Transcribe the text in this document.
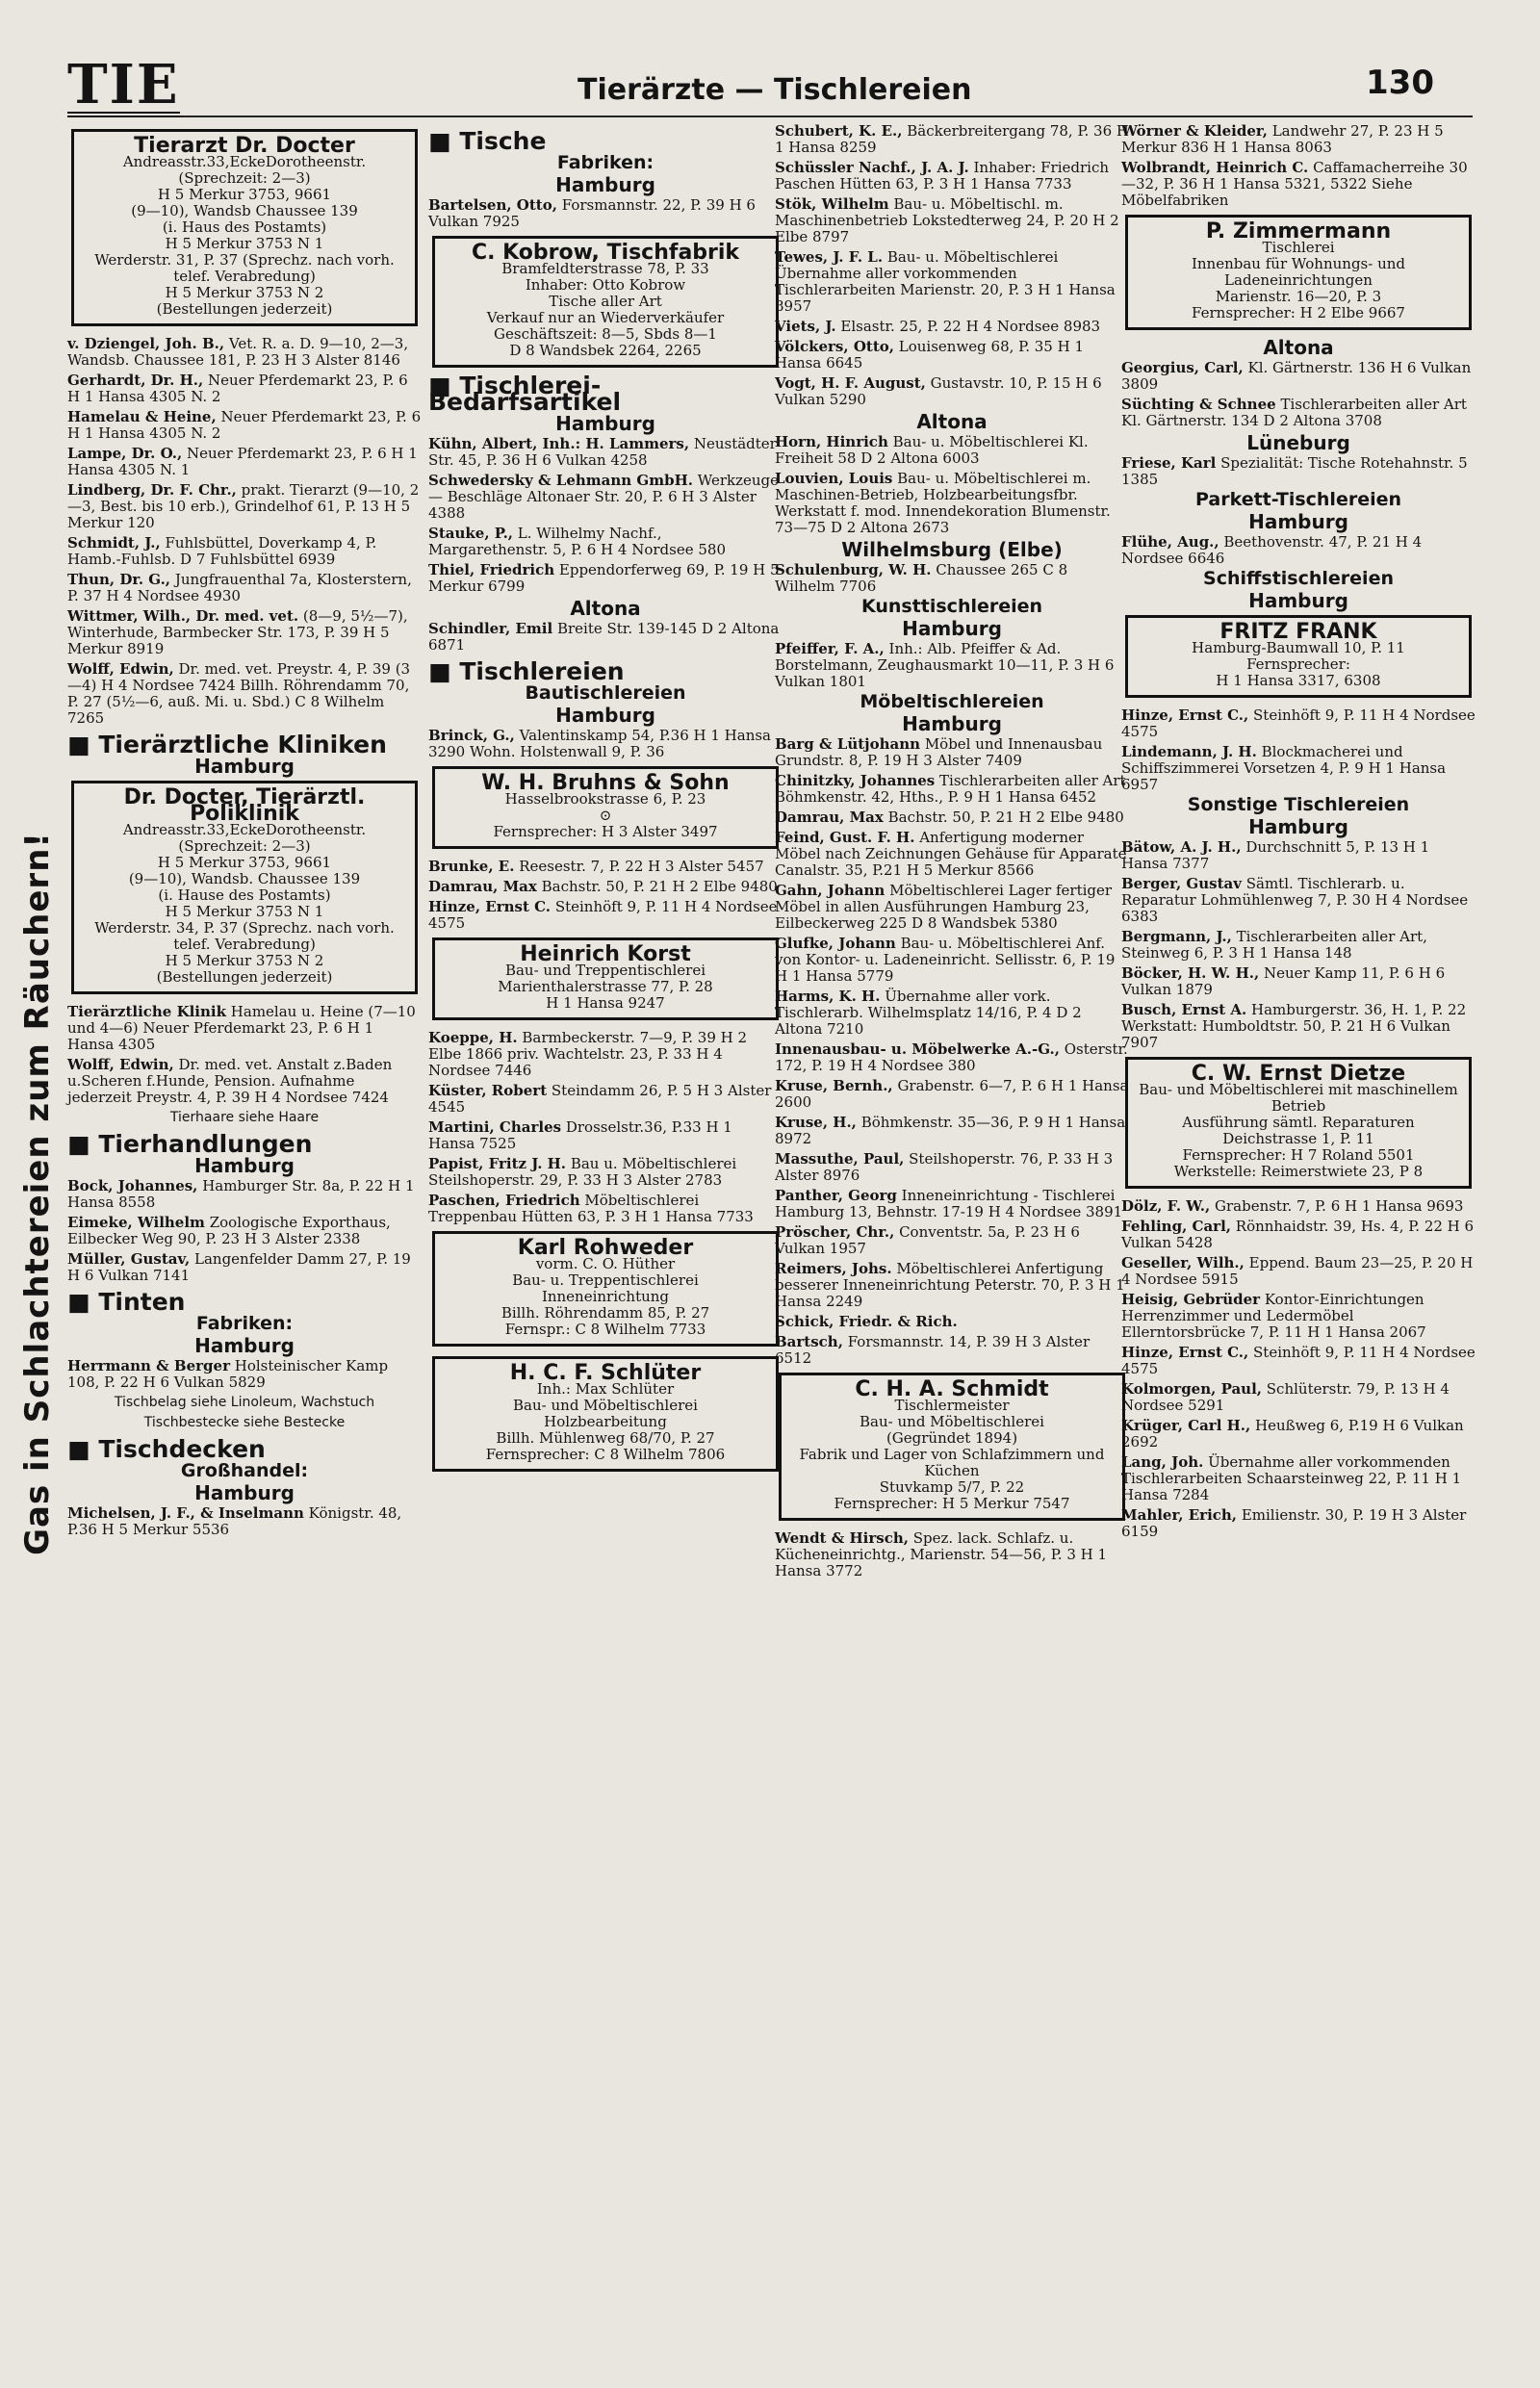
TIE	Tierärzte — Tischlereien	130
Gas in Schlachtereien zum Räuchern!
Tierarzt Dr. Docter
Andreasstr.33,EckeDorotheenstr.
(Sprechzeit: 2—3)
H 5 Merkur 3753, 9661
(9—10), Wandsb Chaussee 139
(i. Haus des Postamts)
H 5 Merkur 3753 N 1
Werderstr. 31, P. 37 (Sprechz. nach vorh. telef. Verabredung)
H 5 Merkur 3753 N 2
(Bestellungen jederzeit)
v. Dziengel, Joh. B., Vet. R. a. D. 9—10, 2—3, Wandsb. Chaussee 181, P. 23 H 3 Alster 8146
Gerhardt, Dr. H., Neuer Pferdemarkt 23, P. 6 H 1 Hansa 4305 N. 2
Hamelau & Heine, Neuer Pferdemarkt 23, P. 6 H 1 Hansa 4305 N. 2
Lampe, Dr. O., Neuer Pferdemarkt 23, P. 6 H 1 Hansa 4305 N. 1
Lindberg, Dr. F. Chr., prakt. Tierarzt (9—10, 2—3, Best. bis 10 erb.), Grindelhof 61, P. 13 H 5 Merkur 120
Schmidt, J., Fuhlsbüttel, Doverkamp 4, P. Hamb.-Fuhlsb. D 7 Fuhlsbüttel 6939
Thun, Dr. G., Jungfrauenthal 7a, Klosterstern, P. 37 H 4 Nordsee 4930
Wittmer, Wilh., Dr. med. vet. (8—9, 5½—7), Winterhude, Barmbecker Str. 173, P. 39 H 5 Merkur 8919
Wolff, Edwin, Dr. med. vet. Preystr. 4, P. 39 (3—4) H 4 Nordsee 7424 Billh. Röhrendamm 70, P. 27 (5½—6, auß. Mi. u. Sbd.) C 8 Wilhelm 7265
■ Tierärztliche Kliniken
Hamburg
Dr. Docter, Tierärztl. Poliklinik
Andreasstr.33,EckeDorotheenstr.
(Sprechzeit: 2—3)
H 5 Merkur 3753, 9661
(9—10), Wandsb. Chaussee 139
(i. Hause des Postamts)
H 5 Merkur 3753 N 1
Werderstr. 34, P. 37 (Sprechz. nach vorh. telef. Verabredung)
H 5 Merkur 3753 N 2
(Bestellungen jederzeit)
Tierärztliche Klinik Hamelau u. Heine (7—10 und 4—6) Neuer Pferdemarkt 23, P. 6 H 1 Hansa 4305
Wolff, Edwin, Dr. med. vet. Anstalt z.Baden u.Scheren f.Hunde, Pension. Aufnahme jederzeit Preystr. 4, P. 39 H 4 Nordsee 7424
Tierhaare siehe Haare
■ Tierhandlungen
Hamburg
Bock, Johannes, Hamburger Str. 8a, P. 22 H 1 Hansa 8558
Eimeke, Wilhelm Zoologische Exporthaus, Eilbecker Weg 90, P. 23 H 3 Alster 2338
Müller, Gustav, Langenfelder Damm 27, P. 19 H 6 Vulkan 7141
■ Tinten
Fabriken:
Hamburg
Herrmann & Berger Holsteinischer Kamp 108, P. 22 H 6 Vulkan 5829
Tischbelag siehe Linoleum, Wachstuch
Tischbestecke siehe Bestecke
■ Tischdecken
Großhandel:
Hamburg
Michelsen, J. F., & Inselmann Königstr. 48, P.36 H 5 Merkur 5536
■ Tische
Fabriken:
Hamburg
Bartelsen, Otto, Forsmannstr. 22, P. 39 H 6 Vulkan 7925
C. Kobrow, Tischfabrik
Bramfeldterstrasse 78, P. 33
Inhaber: Otto Kobrow
Tische aller Art
Verkauf nur an Wiederverkäufer
Geschäftszeit: 8—5, Sbds 8—1
D 8 Wandsbek 2264, 2265
■ Tischlerei-Bedarfsartikel
Hamburg
Kühn, Albert, Inh.: H. Lammers, Neustädter Str. 45, P. 36 H 6 Vulkan 4258
Schwedersky & Lehmann GmbH. Werkzeuge — Beschläge Altonaer Str. 20, P. 6 H 3 Alster 4388
Stauke, P., L. Wilhelmy Nachf., Margarethenstr. 5, P. 6 H 4 Nordsee 580
Thiel, Friedrich Eppendorferweg 69, P. 19 H 5 Merkur 6799
Altona
Schindler, Emil Breite Str. 139-145 D 2 Altona 6871
■ Tischlereien
Bautischlereien
Hamburg
Brinck, G., Valentinskamp 54, P.36 H 1 Hansa 3290 Wohn. Holstenwall 9, P. 36
W. H. Bruhns & Sohn
Hasselbrookstrasse 6, P. 23
⊙
Fernsprecher: H 3 Alster 3497
Brunke, E. Reesestr. 7, P. 22 H 3 Alster 5457
Damrau, Max Bachstr. 50, P. 21 H 2 Elbe 9480
Hinze, Ernst C. Steinhöft 9, P. 11 H 4 Nordsee 4575
Heinrich Korst
Bau- und Treppentischlerei
Marienthalerstrasse 77, P. 28
H 1 Hansa 9247
Koeppe, H. Barmbeckerstr. 7—9, P. 39 H 2 Elbe 1866 priv. Wachtelstr. 23, P. 33 H 4 Nordsee 7446
Küster, Robert Steindamm 26, P. 5 H 3 Alster 4545
Martini, Charles Drosselstr.36, P.33 H 1 Hansa 7525
Papist, Fritz J. H. Bau u. Möbeltischlerei Steilshoperstr. 29, P. 33 H 3 Alster 2783
Paschen, Friedrich Möbeltischlerei Treppenbau Hütten 63, P. 3 H 1 Hansa 7733
Karl Rohweder
vorm. C. O. Hüther
Bau- u. Treppentischlerei
Inneneinrichtung
Billh. Röhrendamm 85, P. 27
Fernspr.: C 8 Wilhelm 7733
H. C. F. Schlüter
Inh.: Max Schlüter
Bau- und Möbeltischlerei
Holzbearbeitung
Billh. Mühlenweg 68/70, P. 27
Fernsprecher: C 8 Wilhelm 7806
Schubert, K. E., Bäckerbreitergang 78, P. 36 H 1 Hansa 8259
Schüssler Nachf., J. A. J. Inhaber: Friedrich Paschen Hütten 63, P. 3 H 1 Hansa 7733
Stök, Wilhelm Bau- u. Möbeltischl. m. Maschinenbetrieb Lokstedterweg 24, P. 20 H 2 Elbe 8797
Tewes, J. F. L. Bau- u. Möbeltischlerei Übernahme aller vorkommenden Tischlerarbeiten Marienstr. 20, P. 3 H 1 Hansa 8957
Viets, J. Elsastr. 25, P. 22 H 4 Nordsee 8983
Völckers, Otto, Louisenweg 68, P. 35 H 1 Hansa 6645
Vogt, H. F. August, Gustavstr. 10, P. 15 H 6 Vulkan 5290
Altona
Horn, Hinrich Bau- u. Möbeltischlerei Kl. Freiheit 58 D 2 Altona 6003
Louvien, Louis Bau- u. Möbeltischlerei m. Maschinen-Betrieb, Holzbearbeitungsfbr. Werkstatt f. mod. Innendekoration Blumenstr. 73—75 D 2 Altona 2673
Wilhelmsburg (Elbe)
Schulenburg, W. H. Chaussee 265 C 8 Wilhelm 7706
Kunsttischlereien
Hamburg
Pfeiffer, F. A., Inh.: Alb. Pfeiffer & Ad. Borstelmann, Zeughausmarkt 10—11, P. 3 H 6 Vulkan 1801
Möbeltischlereien
Hamburg
Barg & Lütjohann Möbel und Innenausbau Grundstr. 8, P. 19 H 3 Alster 7409
Chinitzky, Johannes Tischlerarbeiten aller Art Böhmkenstr. 42, Hths., P. 9 H 1 Hansa 6452
Damrau, Max Bachstr. 50, P. 21 H 2 Elbe 9480
Feind, Gust. F. H. Anfertigung moderner Möbel nach Zeichnungen Gehäuse für Apparate Canalstr. 35, P.21 H 5 Merkur 8566
Gahn, Johann Möbeltischlerei Lager fertiger Möbel in allen Ausführungen Hamburg 23, Eilbeckerweg 225 D 8 Wandsbek 5380
Glufke, Johann Bau- u. Möbeltischlerei Anf. von Kontor- u. Ladeneinricht. Sellisstr. 6, P. 19 H 1 Hansa 5779
Harms, K. H. Übernahme aller vork. Tischlerarb. Wilhelmsplatz 14/16, P. 4 D 2 Altona 7210
Innenausbau- u. Möbelwerke A.-G., Osterstr. 172, P. 19 H 4 Nordsee 380
Kruse, Bernh., Grabenstr. 6—7, P. 6 H 1 Hansa 2600
Kruse, H., Böhmkenstr. 35—36, P. 9 H 1 Hansa 8972
Massuthe, Paul, Steilshoperstr. 76, P. 33 H 3 Alster 8976
Panther, Georg Inneneinrichtung - Tischlerei Hamburg 13, Behnstr. 17-19 H 4 Nordsee 3891
Pröscher, Chr., Conventstr. 5a, P. 23 H 6 Vulkan 1957
Reimers, Johs. Möbeltischlerei Anfertigung besserer Inneneinrichtung Peterstr. 70, P. 3 H 1 Hansa 2249
Schick, Friedr. & Rich.
Bartsch, Forsmannstr. 14, P. 39 H 3 Alster 6512
C. H. A. Schmidt
Tischlermeister
Bau- und Möbeltischlerei
(Gegründet 1894)
Fabrik und Lager von Schlafzimmern und Küchen
Stuvkamp 5/7, P. 22
Fernsprecher: H 5 Merkur 7547
Wendt & Hirsch, Spez. lack. Schlafz. u. Kücheneinrichtg., Marienstr. 54—56, P. 3 H 1 Hansa 3772
Wörner & Kleider, Landwehr 27, P. 23 H 5 Merkur 836 H 1 Hansa 8063
Wolbrandt, Heinrich C. Caffamacherreihe 30—32, P. 36 H 1 Hansa 5321, 5322 Siehe Möbelfabriken
P. Zimmermann
Tischlerei
Innenbau für Wohnungs- und Ladeneinrichtungen
Marienstr. 16—20, P. 3
Fernsprecher: H 2 Elbe 9667
Altona
Georgius, Carl, Kl. Gärtnerstr. 136 H 6 Vulkan 3809
Süchting & Schnee Tischlerarbeiten aller Art Kl. Gärtnerstr. 134 D 2 Altona 3708
Lüneburg
Friese, Karl Spezialität: Tische Rotehahnstr. 5 1385
Parkett-Tischlereien
Hamburg
Flühe, Aug., Beethovenstr. 47, P. 21 H 4 Nordsee 6646
Schiffstischlereien
Hamburg
FRITZ FRANK
Hamburg-Baumwall 10, P. 11
Fernsprecher:
H 1 Hansa 3317, 6308
Hinze, Ernst C., Steinhöft 9, P. 11 H 4 Nordsee 4575
Lindemann, J. H. Blockmacherei und Schiffszimmerei Vorsetzen 4, P. 9 H 1 Hansa 6957
Sonstige Tischlereien
Hamburg
Bätow, A. J. H., Durchschnitt 5, P. 13 H 1 Hansa 7377
Berger, Gustav Sämtl. Tischlerarb. u. Reparatur Lohmühlenweg 7, P. 30 H 4 Nordsee 6383
Bergmann, J., Tischlerarbeiten aller Art, Steinweg 6, P. 3 H 1 Hansa 148
Böcker, H. W. H., Neuer Kamp 11, P. 6 H 6 Vulkan 1879
Busch, Ernst A. Hamburgerstr. 36, H. 1, P. 22 Werkstatt: Humboldtstr. 50, P. 21 H 6 Vulkan 7907
C. W. Ernst Dietze
Bau- und Möbeltischlerei mit maschinellem Betrieb
Ausführung sämtl. Reparaturen
Deichstrasse 1, P. 11
Fernsprecher: H 7 Roland 5501
Werkstelle: Reimerstwiete 23, P 8
Dölz, F. W., Grabenstr. 7, P. 6 H 1 Hansa 9693
Fehling, Carl, Rönnhaidstr. 39, Hs. 4, P. 22 H 6 Vulkan 5428
Geseller, Wilh., Eppend. Baum 23—25, P. 20 H 4 Nordsee 5915
Heisig, Gebrüder Kontor-Einrichtungen Herrenzimmer und Ledermöbel Ellerntorsbrücke 7, P. 11 H 1 Hansa 2067
Hinze, Ernst C., Steinhöft 9, P. 11 H 4 Nordsee 4575
Kolmorgen, Paul, Schlüterstr. 79, P. 13 H 4 Nordsee 5291
Krüger, Carl H., Heußweg 6, P.19 H 6 Vulkan 2692
Lang, Joh. Übernahme aller vorkommenden Tischlerarbeiten Schaarsteinweg 22, P. 11 H 1 Hansa 7284
Mahler, Erich, Emilienstr. 30, P. 19 H 3 Alster 6159
